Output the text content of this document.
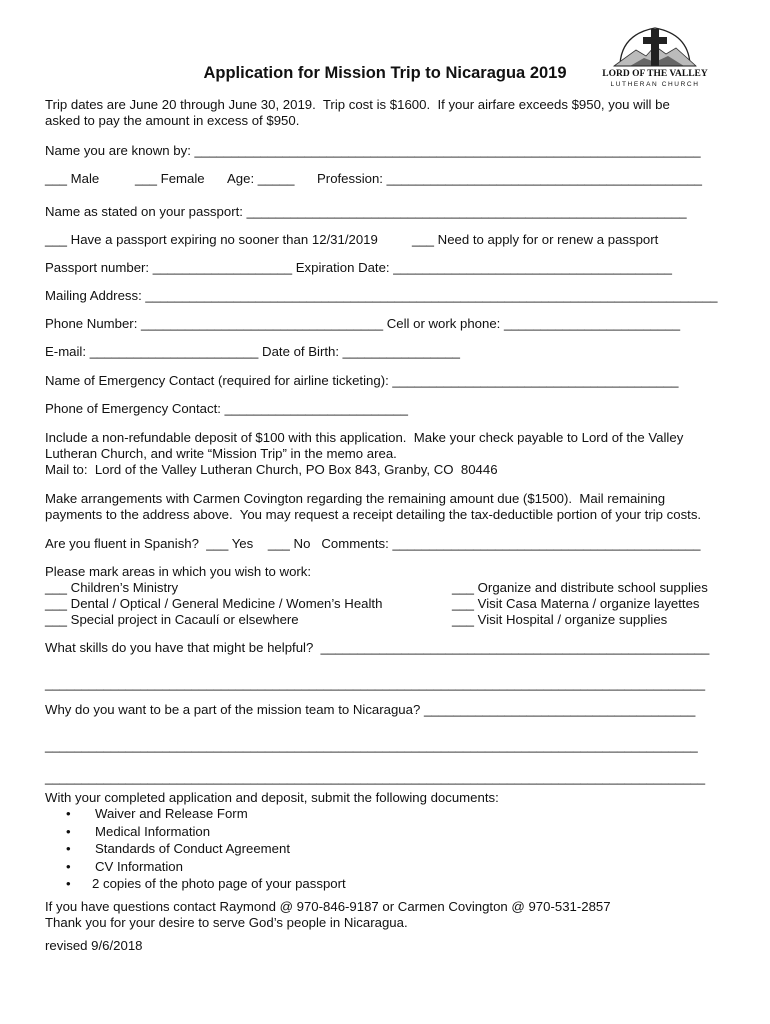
LORD OF THE VALLEY
LUTHERAN CHURCH
Application for Mission Trip to Nicaragua 2019
Trip dates are June 20 through June 30, 2019.  Trip cost is $1600.  If your airfare exceeds $950, you will be
asked to pay the amount in excess of $950.
Name you are known by: _____________________________________________________________________
___ Male	___ Female Age: _____ Profession: ___________________________________________
Name as stated on your passport: ____________________________________________________________
___ Have a passport expiring no sooner than 12/31/2019	___ Need to apply for or renew a passport
Passport number: ___________________ Expiration Date: ______________________________________
Mailing Address: ______________________________________________________________________________
Phone Number: _________________________________ Cell or work phone: ________________________
E-mail: _______________________ Date of Birth: ________________
Name of Emergency Contact (required for airline ticketing): _______________________________________
Phone of Emergency Contact: _________________________
Include a non-refundable deposit of $100 with this application.  Make your check payable to Lord of the Valley
Lutheran Church, and write “Mission Trip” in the memo area.
Mail to:  Lord of the Valley Lutheran Church, PO Box 843, Granby, CO  80446
Make arrangements with Carmen Covington regarding the remaining amount due ($1500).  Mail remaining
payments to the address above.  You may request a receipt detailing the tax-deductible portion of your trip costs.
Are you fluent in Spanish?  ___ Yes    ___ No   Comments: __________________________________________
Please mark areas in which you wish to work:
___ Children’s Ministry
___ Dental / Optical / General Medicine / Women’s Health
___ Special project in Cacaulí or elsewhere
___ Organize and distribute school supplies
___ Visit Casa Materna / organize layettes
___ Visit Hospital / organize supplies
What skills do you have that might be helpful?  _____________________________________________________
__________________________________________________________________________________________
Why do you want to be a part of the mission team to Nicaragua? _____________________________________
_________________________________________________________________________________________
__________________________________________________________________________________________
With your completed application and deposit, submit the following documents:
• Waiver and Release Form
• Medical Information
• Standards of Conduct Agreement
• CV Information
• 2 copies of the photo page of your passport
If you have questions contact Raymond @ 970-846-9187 or Carmen Covington @ 970-531-2857
Thank you for your desire to serve God’s people in Nicaragua.
revised 9/6/2018
